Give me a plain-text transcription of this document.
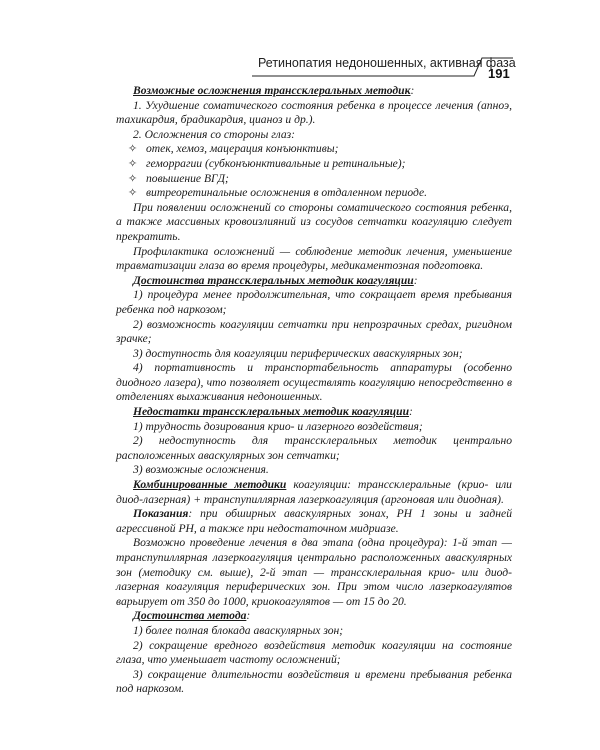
Ретинопатия недоношенных, активная фаза
191

Возможные осложнения транссклеральных методик:

1. Ухудшение соматического состояния ребенка в процессе лечения (апноэ, тахикардия, брадикардия, цианоз и др.).

2. Осложнения со стороны глаз:

✧ отек, хемоз, мацерация конъюнктивы;
✧ геморрагии (субконъюнктивальные и ретинальные);
✧ повышение ВГД;
✧ витреоретинальные осложнения в отдаленном периоде.

При появлении осложнений со стороны соматического состояния ребенка, а также массивных кровоизлияний из сосудов сетчатки коагуляцию следует прекратить.

Профилактика осложнений — соблюдение методик лечения, уменьшение травматизации глаза во время процедуры, медикаментозная подготовка.

Достоинства транссклеральных методик коагуляции:

1) процедура менее продолжительная, что сокращает время пребывания ребенка под наркозом;

2) возможность коагуляции сетчатки при непрозрачных средах, ригидном зрачке;

3) доступность для коагуляции периферических аваскулярных зон;

4) портативность и транспортабельность аппаратуры (особенно диодного лазера), что позволяет осуществлять коагуляцию непосредственно в отделениях выхаживания недоношенных.

Недостатки транссклеральных методик коагуляции:

1) трудность дозирования крио- и лазерного воздействия;

2) недоступность для транссклеральных методик центрально расположенных аваскулярных зон сетчатки;

3) возможные осложнения.

Комбинированные методики коагуляции: транссклеральные (крио- или диод-лазерная) + транспупиллярная лазеркоагуляция (аргоновая или диодная).

Показания: при обширных аваскулярных зонах, РН 1 зоны и задней агрессивной РН, а также при недостаточном мидриазе.

Возможно проведение лечения в два этапа (одна процедура): 1-й этап — транспупиллярная лазеркоагуляция центрально расположенных аваскулярных зон (методику см. выше), 2-й этап — транссклеральная крио- или диод-лазерная коагуляция периферических зон. При этом число лазеркоагулятов варьирует от 350 до 1000, криокоагулятов — от 15 до 20.

Достоинства метода:

1) более полная блокада аваскулярных зон;

2) сокращение вредного воздействия методик коагуляции на состояние глаза, что уменьшает частоту осложнений;

3) сокращение длительности воздействия и времени пребывания ребенка под наркозом.
